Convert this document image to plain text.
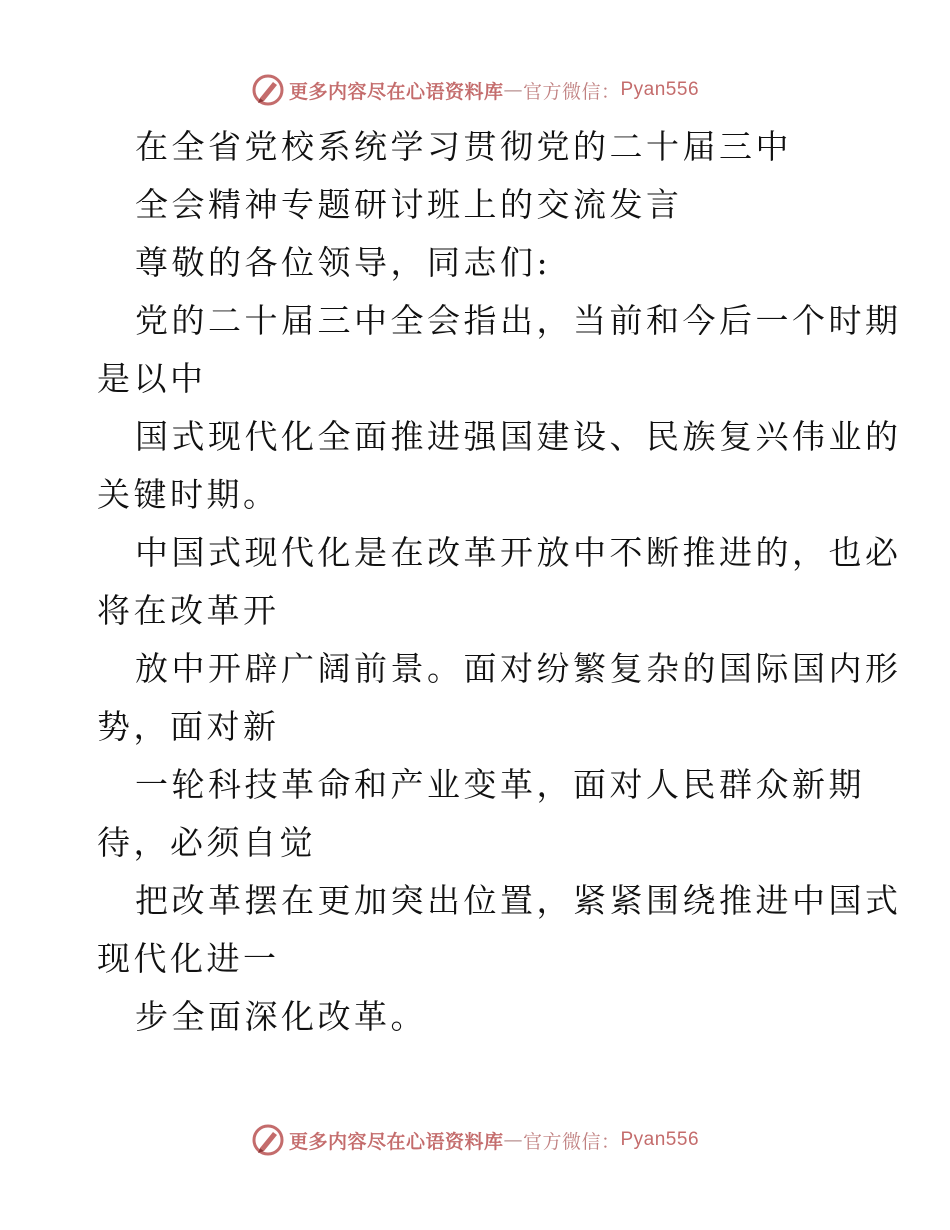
更多内容尽在心语资料库 — 官方微信： Pyan556
在全省党校系统学习贯彻党的二十届三中
全会精神专题研讨班上的交流发言
尊敬的各位领导，同志们:
党的二十届三中全会指出，当前和今后一个时期
是以中
国式现代化全面推进强国建设、民族复兴伟业的
关键时期。
中国式现代化是在改革开放中不断推进的，也必
将在改革开
放中开辟广阔前景。面对纷繁复杂的国际国内形
势，面对新
一轮科技革命和产业变革，面对人民群众新期
待，必须自觉
把改革摆在更加突出位置，紧紧围绕推进中国式
现代化进一
步全面深化改革。
更多内容尽在心语资料库 — 官方微信： Pyan556
